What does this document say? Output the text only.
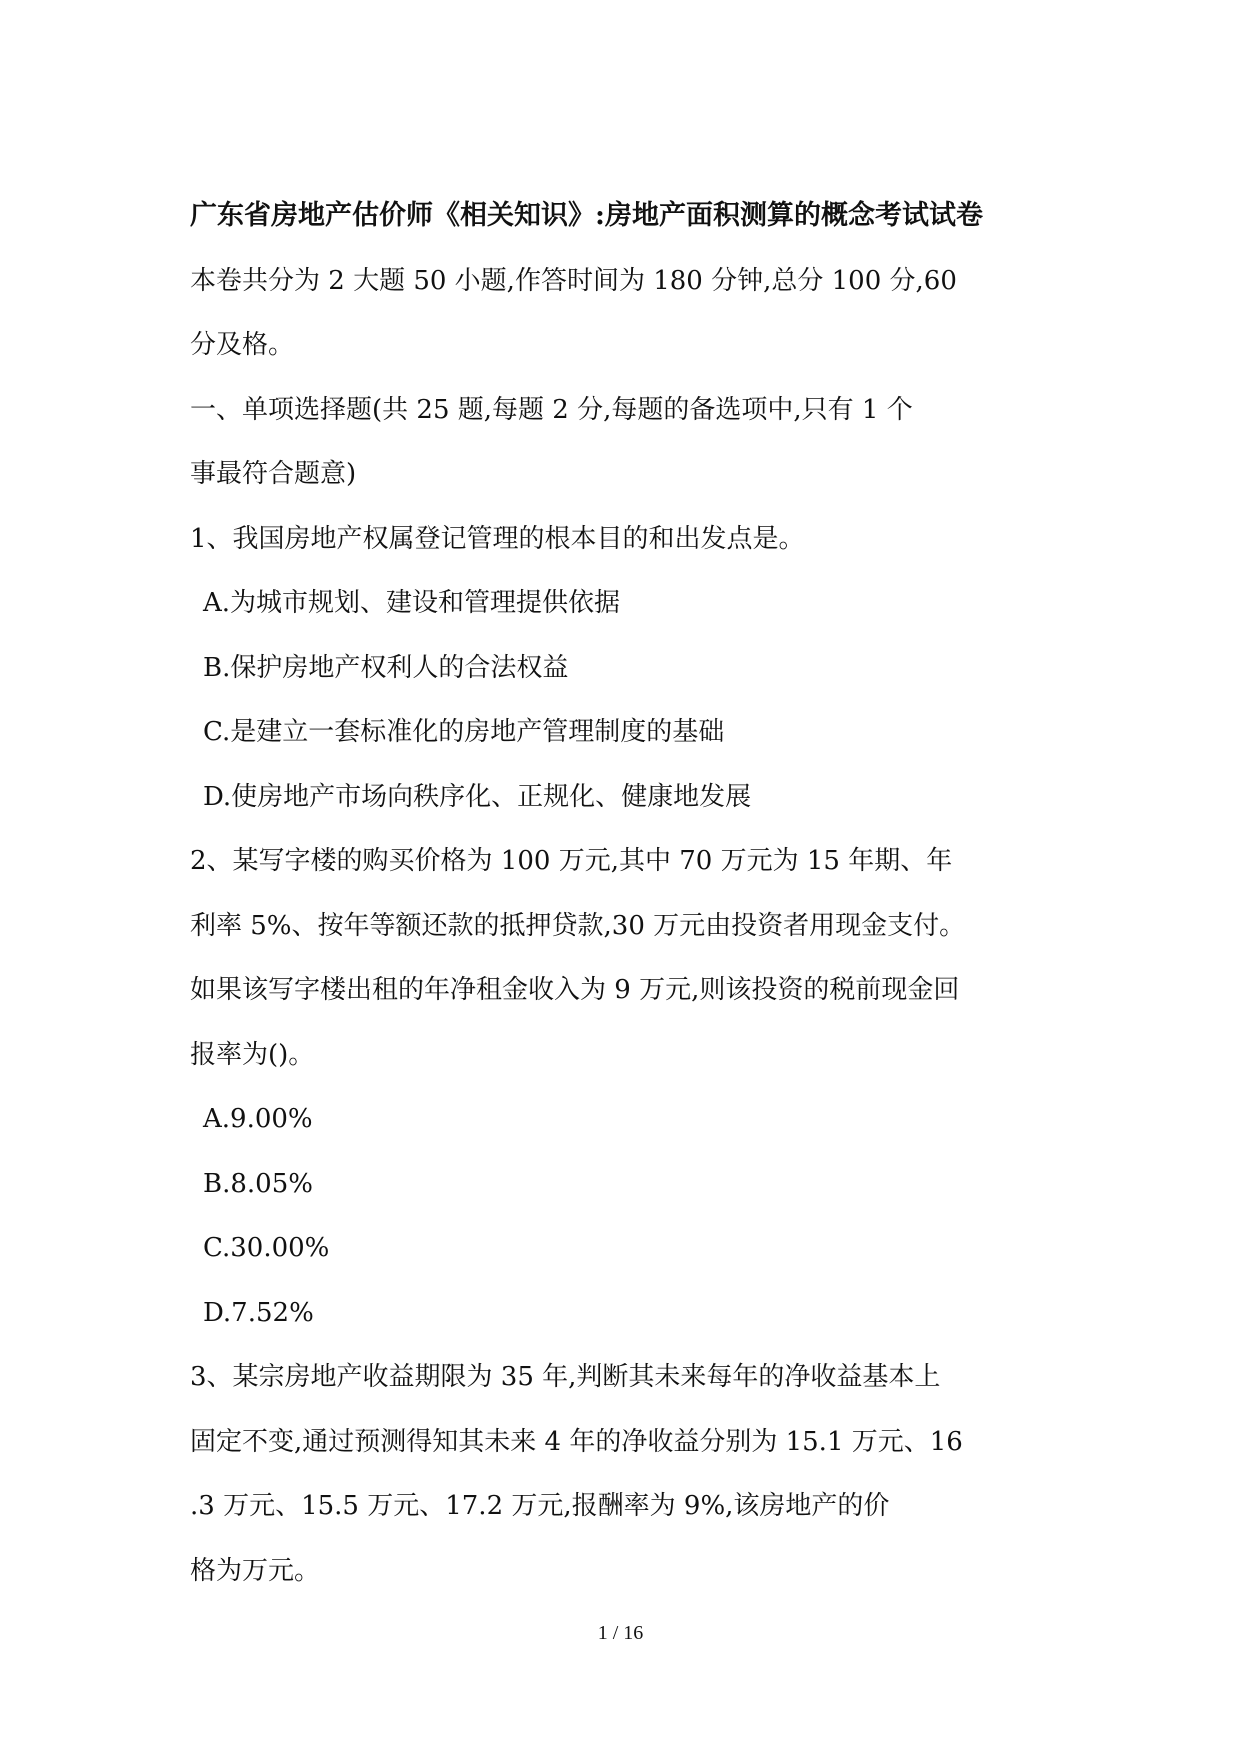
广东省房地产估价师《相关知识》:房地产面积测算的概念考试试卷
本卷共分为 2 大题 50 小题,作答时间为 180 分钟,总分 100 分,60
分及格。
一、单项选择题(共 25 题,每题 2 分,每题的备选项中,只有 1 个
事最符合题意)
1、我国房地产权属登记管理的根本目的和出发点是。
A.为城市规划、建设和管理提供依据
B.保护房地产权利人的合法权益
C.是建立一套标准化的房地产管理制度的基础
D.使房地产市场向秩序化、正规化、健康地发展
2、某写字楼的购买价格为 100 万元,其中 70 万元为 15 年期、年
利率 5%、按年等额还款的抵押贷款,30 万元由投资者用现金支付。
如果该写字楼出租的年净租金收入为 9 万元,则该投资的税前现金回
报率为()。
A.9.00%
B.8.05%
C.30.00%
D.7.52%
3、某宗房地产收益期限为 35 年,判断其未来每年的净收益基本上
固定不变,通过预测得知其未来 4 年的净收益分别为 15.1 万元、16
.3 万元、15.5 万元、17.2 万元,报酬率为 9%,该房地产的价
格为万元。
1 / 16
